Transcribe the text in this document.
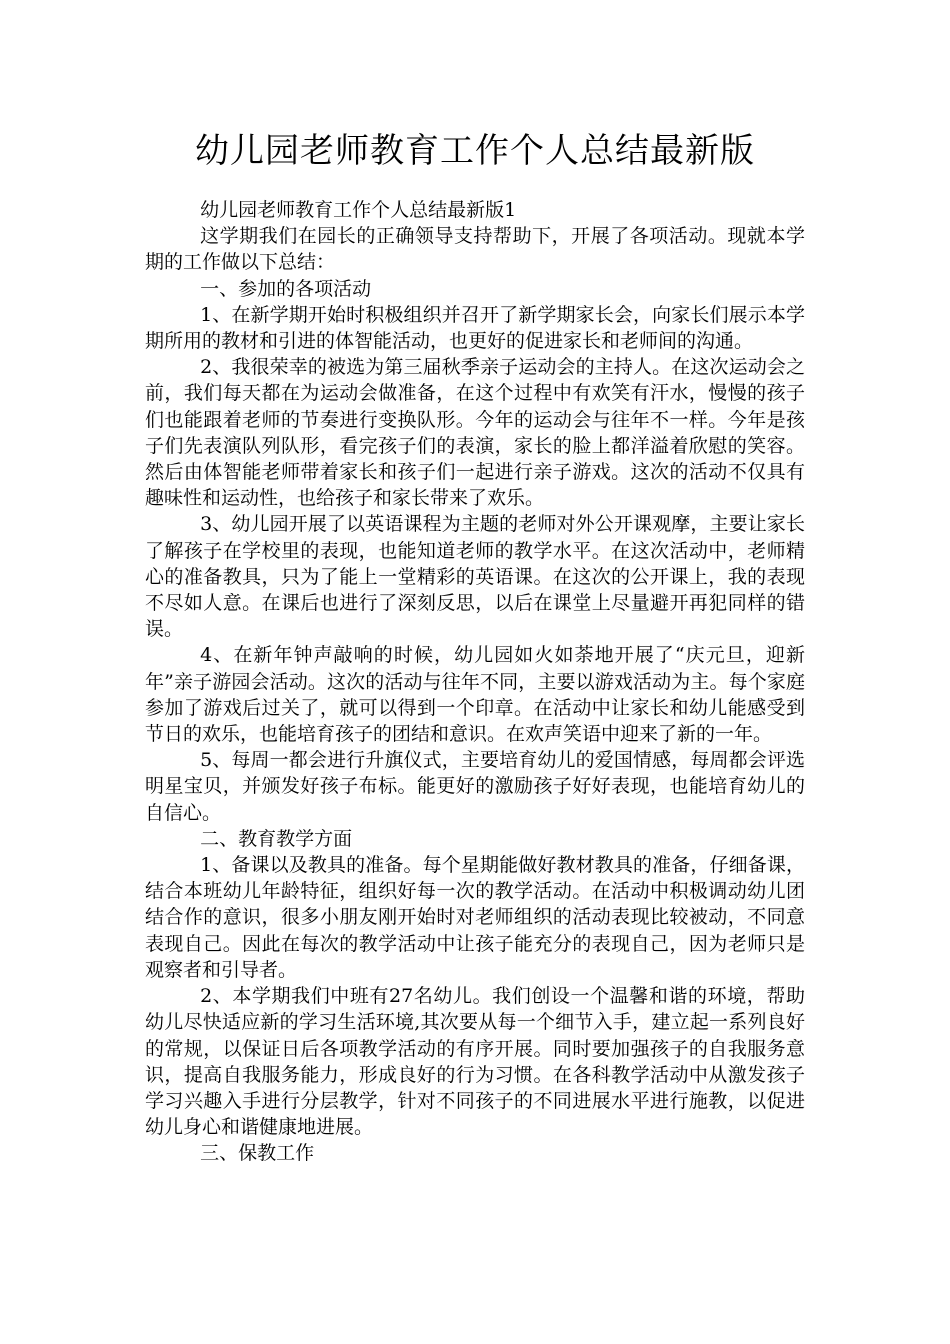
幼儿园老师教育工作个人总结最新版

幼儿园老师教育工作个人总结最新版1

这学期我们在园长的正确领导支持帮助下，开展了各项活动。现就本学期的工作做以下总结：

一、参加的各项活动

1、在新学期开始时积极组织并召开了新学期家长会，向家长们展示本学期所用的教材和引进的体智能活动，也更好的促进家长和老师间的沟通。

2、我很荣幸的被选为第三届秋季亲子运动会的主持人。在这次运动会之前，我们每天都在为运动会做准备，在这个过程中有欢笑有汗水，慢慢的孩子们也能跟着老师的节奏进行变换队形。今年的运动会与往年不一样。今年是孩子们先表演队列队形，看完孩子们的表演，家长的脸上都洋溢着欣慰的笑容。然后由体智能老师带着家长和孩子们一起进行亲子游戏。这次的活动不仅具有趣味性和运动性，也给孩子和家长带来了欢乐。

3、幼儿园开展了以英语课程为主题的老师对外公开课观摩，主要让家长了解孩子在学校里的表现，也能知道老师的教学水平。在这次活动中，老师精心的准备教具，只为了能上一堂精彩的英语课。在这次的公开课上，我的表现不尽如人意。在课后也进行了深刻反思，以后在课堂上尽量避开再犯同样的错误。

4、在新年钟声敲响的时候，幼儿园如火如荼地开展了“庆元旦，迎新年”亲子游园会活动。这次的活动与往年不同，主要以游戏活动为主。每个家庭参加了游戏后过关了，就可以得到一个印章。在活动中让家长和幼儿能感受到节日的欢乐，也能培育孩子的团结和意识。在欢声笑语中迎来了新的一年。

5、每周一都会进行升旗仪式，主要培育幼儿的爱国情感，每周都会评选明星宝贝，并颁发好孩子布标。能更好的激励孩子好好表现，也能培育幼儿的自信心。

二、教育教学方面

1、备课以及教具的准备。每个星期能做好教材教具的准备，仔细备课，结合本班幼儿年龄特征，组织好每一次的教学活动。在活动中积极调动幼儿团结合作的意识，很多小朋友刚开始时对老师组织的活动表现比较被动，不同意表现自己。因此在每次的教学活动中让孩子能充分的表现自己，因为老师只是观察者和引导者。

2、本学期我们中班有27名幼儿。我们创设一个温馨和谐的环境，帮助幼儿尽快适应新的学习生活环境,其次要从每一个细节入手，建立起一系列良好的常规，以保证日后各项教学活动的有序开展。同时要加强孩子的自我服务意识，提高自我服务能力，形成良好的行为习惯。在各科教学活动中从激发孩子学习兴趣入手进行分层教学，针对不同孩子的不同进展水平进行施教，以促进幼儿身心和谐健康地进展。

三、保教工作
